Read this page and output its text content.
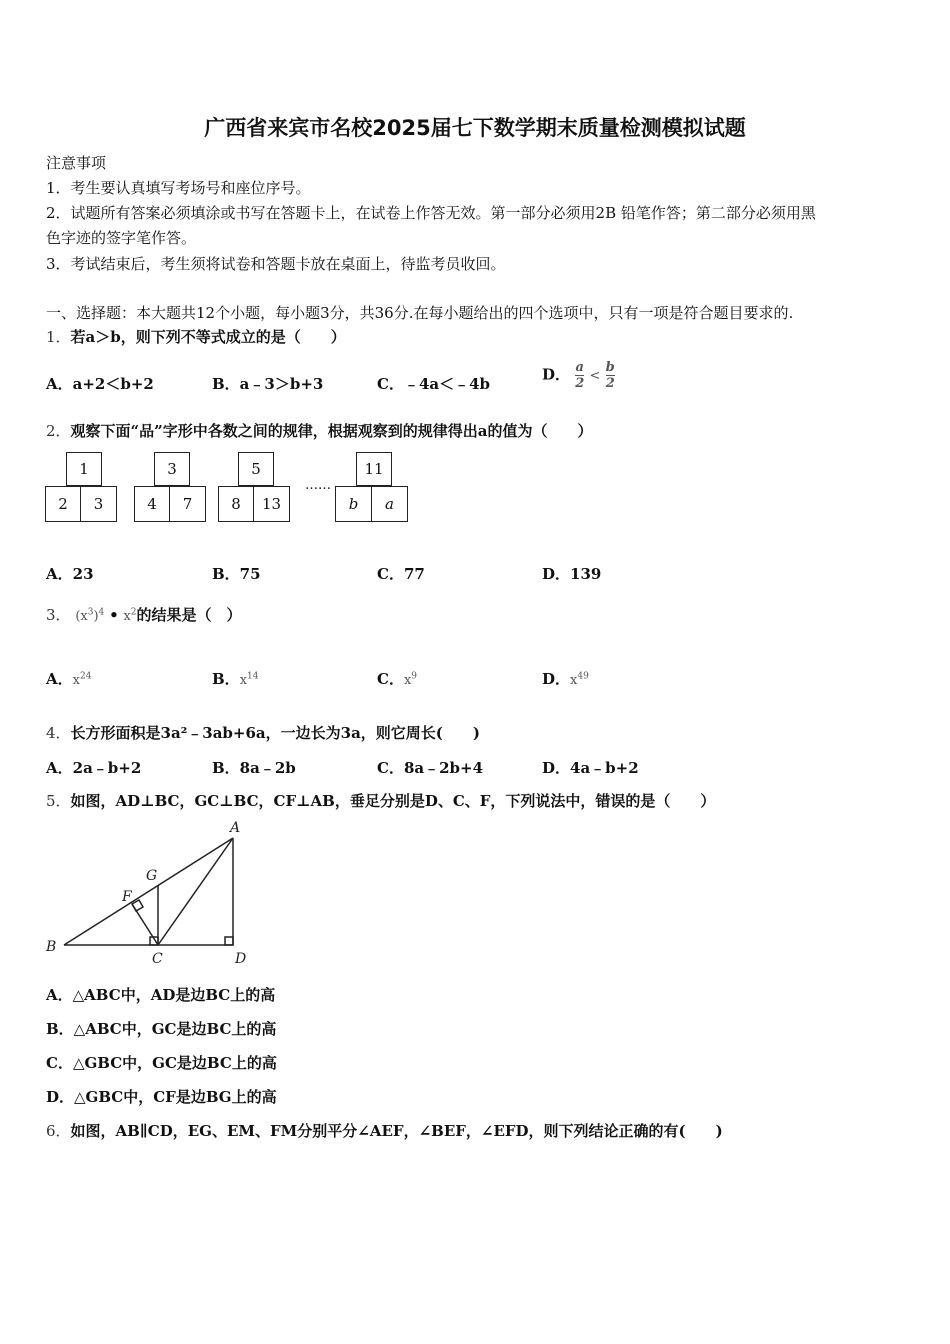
广西省来宾市名校2025届七下数学期末质量检测模拟试题
注意事项
1．考生要认真填写考场号和座位序号。
2．试题所有答案必须填涂或书写在答题卡上，在试卷上作答无效。第一部分必须用2B 铅笔作答；第二部分必须用黑
色字迹的签字笔作答。
3．考试结束后，考生须将试卷和答题卡放在桌面上，待监考员收回。
一、选择题：本大题共12个小题，每小题3分，共36分.在每小题给出的四个选项中，只有一项是符合题目要求的.
1．若a＞b，则下列不等式成立的是（　　）
A．a+2＜b+2	B．a﹣3＞b+3	C．﹣4a＜﹣4b
D． $\frac{a}{2} < \frac{b}{2}$
2．观察下面“品”字形中各数之间的规律，根据观察到的规律得出a的值为（　　）
1
2	3
3
4	7
5
8	13
……
11
b	a
A．23	B．75	C．77	D．139
3． $(x^3)^4$ • $x^2$的结果是（　）
A．$x^{24}$	B．$x^{14}$	C．$x^9$	D．$x^{49}$
4．长方形面积是3a²﹣3ab+6a，一边长为3a，则它周长(　　)
A．2a﹣b+2	B．8a﹣2b	C．8a﹣2b+4	D．4a﹣b+2
5．如图，AD⊥BC，GC⊥BC，CF⊥AB，垂足分别是D、C、F，下列说法中，错误的是（　　）
A
G
F
B
C	D
A．△ABC中，AD是边BC上的高
B．△ABC中，GC是边BC上的高
C．△GBC中，GC是边BC上的高
D．△GBC中，CF是边BG上的高
6．如图，AB∥CD，EG、EM、FM分别平分∠AEF，∠BEF，∠EFD，则下列结论正确的有(　　)
